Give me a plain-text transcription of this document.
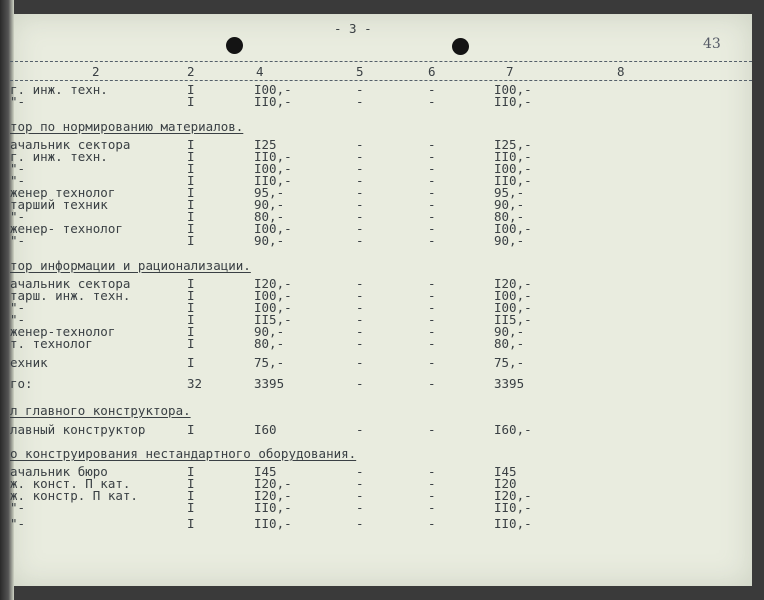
- 3 -
43
2	2	4	5	6	7	8
г. инж. техн.	I	I00,-	-	-	I00,-
"-	I	II0,-	-	-	II0,-
тор по нормированию материалов.
ачальник сектора	I	I25	-	-	I25,-
г. инж. техн.	I	II0,-	-	-	II0,-
"-	I	I00,-	-	-	I00,-
"-	I	II0,-	-	-	II0,-
женер технолог	I	95,-	-	-	95,-
тарший техник	I	90,-	-	-	90,-
"-	I	80,-	-	-	80,-
женер- технолог	I	I00,-	-	-	I00,-
"-	I	90,-	-	-	90,-
тор информации и рационализации.
ачальник сектора	I	I20,-	-	-	I20,-
тарш. инж. техн.	I	I00,-	-	-	I00,-
"-	I	I00,-	-	-	I00,-
"-	I	II5,-	-	-	II5,-
женер-технолог	I	90,-	-	-	90,-
т. технолог	I	80,-	-	-	80,-
ехник	I	75,-	-	-	75,-
го:	32	3395	-	-	3395
л главного конструктора.
лавный конструктор	I	I60	-	-	I60,-
о конструирования нестандартного оборудования.
ачальник бюро	I	I45	-	-	I45
ж. конст. П кат.	I	I20,-	-	-	I20
ж. констр. П кат.	I	I20,-	-	-	I20,-
"-	I	II0,-	-	-	II0,-
"-	I	II0,-	-	-	II0,-
